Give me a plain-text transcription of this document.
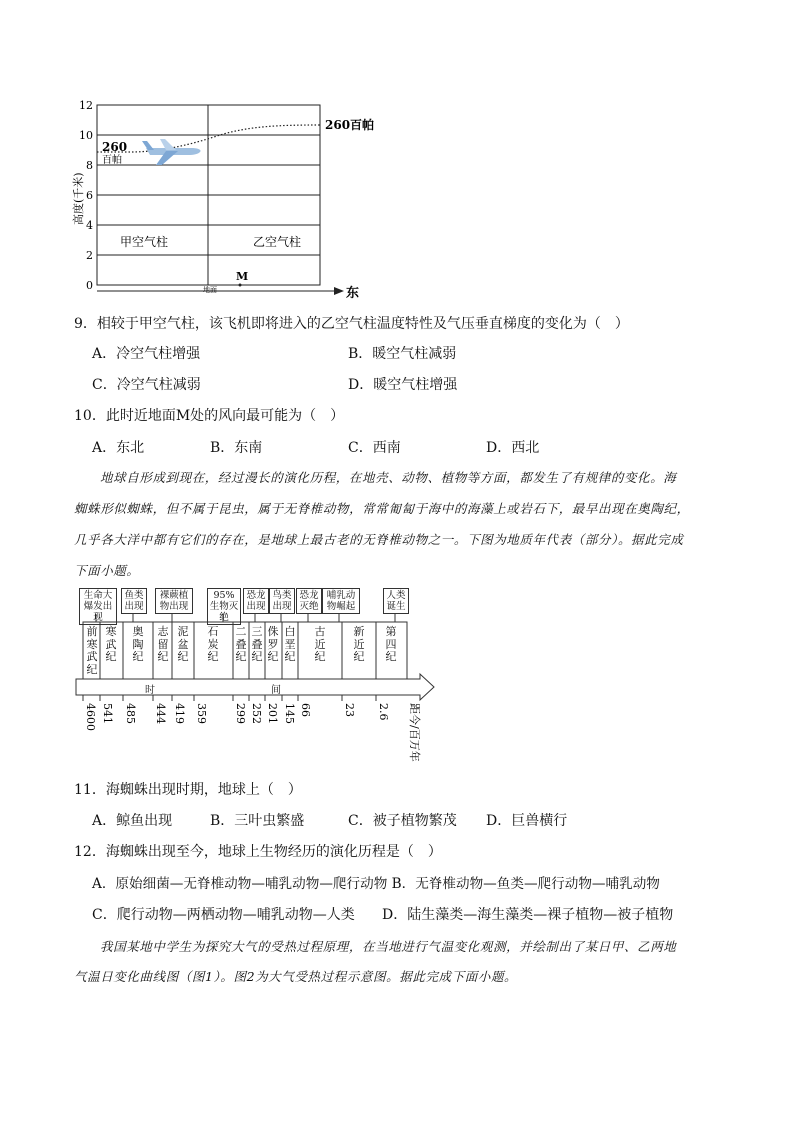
12
10
8
6
4
2
0
高度(千米)
260
百帕
260百帕
甲空气柱	乙空气柱
M
地面	东
9．相较于甲空气柱，该飞机即将进入的乙空气柱温度特性及气压垂直梯度的变化为（　）
A．冷空气柱增强	B．暖空气柱减弱
C．冷空气柱减弱	D．暖空气柱增强
10．此时近地面M处的风向最可能为（　）
A．东北	B．东南	C．西南	D．西北
地球自形成到现在，经过漫长的演化历程，在地壳、动物、植物等方面，都发生了有规律的变化。海
蜘蛛形似蜘蛛，但不属于昆虫，属于无脊椎动物，常常匍匐于海中的海藻上或岩石下，最早出现在奥陶纪，
几乎各大洋中都有它们的存在，是地球上最古老的无脊椎动物之一。下图为地质年代表（部分）。据此完成
下面小题。
生命大爆发出现
鱼类出现
裸蕨植物出现
95%生物灭绝
恐龙出现
鸟类出现
恐龙灭绝
哺乳动物崛起
人类诞生
前寒武纪
寒武纪
奥陶纪
志留纪
泥盆纪
石炭纪
二叠纪
三叠纪
侏罗纪
白垩纪
古近纪
新近纪
第四纪
时	间
4600 541 485 444 419 359 299 252 201 145 66	23 2.6 距今/百万年
11．海蜘蛛出现时期，地球上（　）
A．鲸鱼出现	B．三叶虫繁盛	C．被子植物繁茂 D．巨兽横行
12．海蜘蛛出现至今，地球上生物经历的演化历程是（　）
A．原始细菌—无脊椎动物—哺乳动物—爬行动物 B．无脊椎动物—鱼类—爬行动物—哺乳动物
C．爬行动物—两栖动物—哺乳动物—人类 D．陆生藻类—海生藻类—裸子植物—被子植物
我国某地中学生为探究大气的受热过程原理，在当地进行气温变化观测，并绘制出了某日甲、乙两地
气温日变化曲线图（图1）。图2为大气受热过程示意图。据此完成下面小题。
